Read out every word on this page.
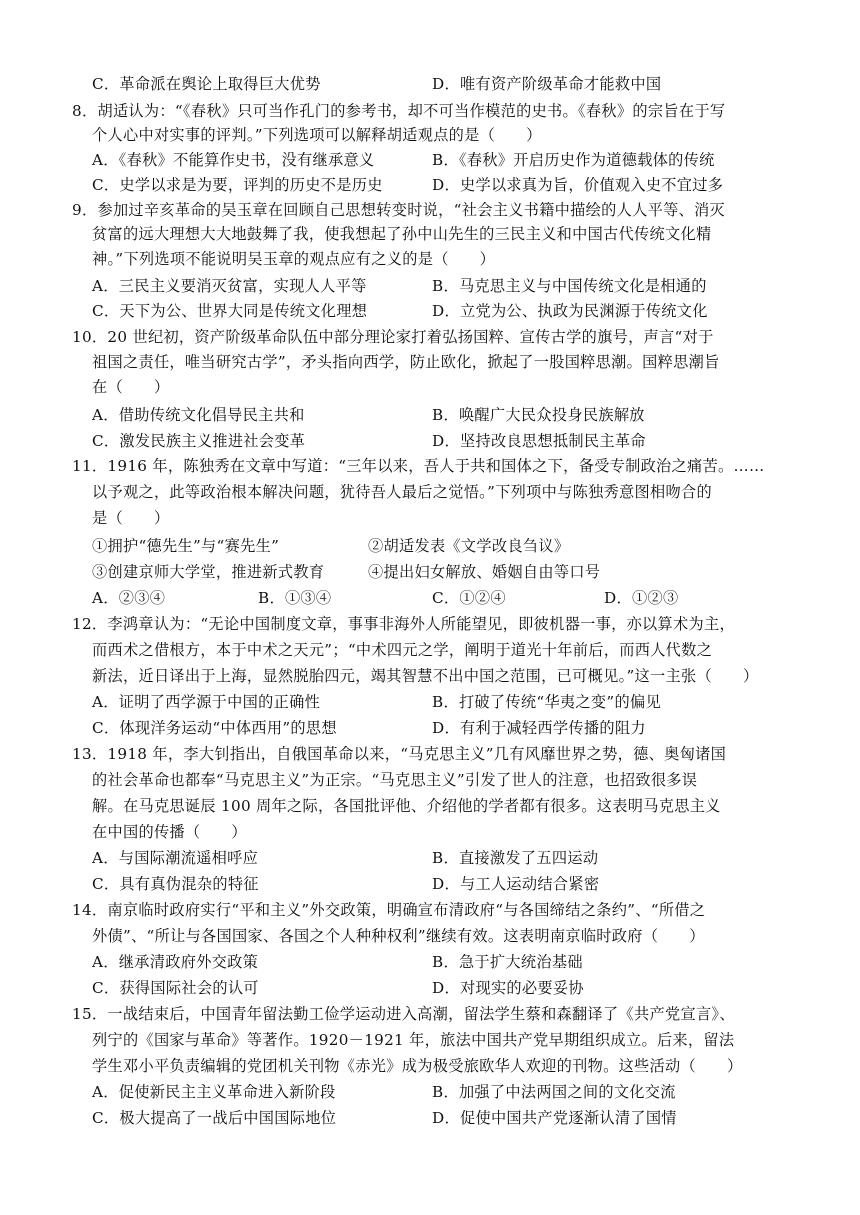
C．革命派在舆论上取得巨大优势	D．唯有资产阶级革命才能救中国
8．胡适认为：“《春秋》只可当作孔门的参考书，却不可当作模范的史书。《春秋》的宗旨在于写
个人心中对实事的评判。”下列选项可以解释胡适观点的是（　　）
A．《春秋》不能算作史书，没有继承意义	B．《春秋》开启历史作为道德载体的传统
C．史学以求是为要，评判的历史不是历史	D．史学以求真为旨，价值观入史不宜过多
9．参加过辛亥革命的吴玉章在回顾自己思想转变时说，“社会主义书籍中描绘的人人平等、消灭
贫富的远大理想大大地鼓舞了我，使我想起了孙中山先生的三民主义和中国古代传统文化精
神。”下列选项不能说明吴玉章的观点应有之义的是（　　）
A．三民主义要消灭贫富，实现人人平等	B．马克思主义与中国传统文化是相通的
C．天下为公、世界大同是传统文化理想	D．立党为公、执政为民渊源于传统文化
10．20 世纪初，资产阶级革命队伍中部分理论家打着弘扬国粹、宣传古学的旗号，声言“对于
祖国之责任，唯当研究古学”，矛头指向西学，防止欧化，掀起了一股国粹思潮。国粹思潮旨
在（　　）
A．借助传统文化倡导民主共和	B．唤醒广大民众投身民族解放
C．激发民族主义推进社会变革	D．坚持改良思想抵制民主革命
11．1916 年，陈独秀在文章中写道：“三年以来，吾人于共和国体之下，备受专制政治之痛苦。……
以予观之，此等政治根本解决问题，犹待吾人最后之觉悟。”下列项中与陈独秀意图相吻合的
是（　　）
①拥护“德先生”与“赛先生”	②胡适发表《文学改良刍议》
③创建京师大学堂，推进新式教育	④提出妇女解放、婚姻自由等口号
A．②③④	B．①③④	C．①②④	D．①②③
12．李鸿章认为：“无论中国制度文章，事事非海外人所能望见，即彼机器一事，亦以算术为主，
而西术之借根方，本于中术之天元”；“中术四元之学，阐明于道光十年前后，而西人代数之
新法，近日译出于上海，显然脱胎四元，竭其智慧不出中国之范围，已可概见。”这一主张（　　）
A．证明了西学源于中国的正确性	B．打破了传统“华夷之变”的偏见
C．体现洋务运动“中体西用”的思想	D．有利于减轻西学传播的阻力
13．1918 年，李大钊指出，自俄国革命以来，“马克思主义”几有风靡世界之势，德、奥匈诸国
的社会革命也都奉“马克思主义”为正宗。“马克思主义”引发了世人的注意，也招致很多误
解。在马克思诞辰 100 周年之际，各国批评他、介绍他的学者都有很多。这表明马克思主义
在中国的传播（　　）
A．与国际潮流遥相呼应	B．直接激发了五四运动
C．具有真伪混杂的特征	D．与工人运动结合紧密
14．南京临时政府实行“平和主义”外交政策，明确宣布清政府“与各国缔结之条约”、“所借之
外债”、“所让与各国国家、各国之个人种种权利”继续有效。这表明南京临时政府（　　）
A．继承清政府外交政策	B．急于扩大统治基础
C．获得国际社会的认可	D．对现实的必要妥协
15．一战结束后，中国青年留法勤工俭学运动进入高潮，留法学生蔡和森翻译了《共产党宣言》、
列宁的《国家与革命》等著作。1920－1921 年，旅法中国共产党早期组织成立。后来，留法
学生邓小平负责编辑的党团机关刊物《赤光》成为极受旅欧华人欢迎的刊物。这些活动（　　）
A．促使新民主主义革命进入新阶段	B．加强了中法两国之间的文化交流
C．极大提高了一战后中国国际地位	D．促使中国共产党逐渐认清了国情
